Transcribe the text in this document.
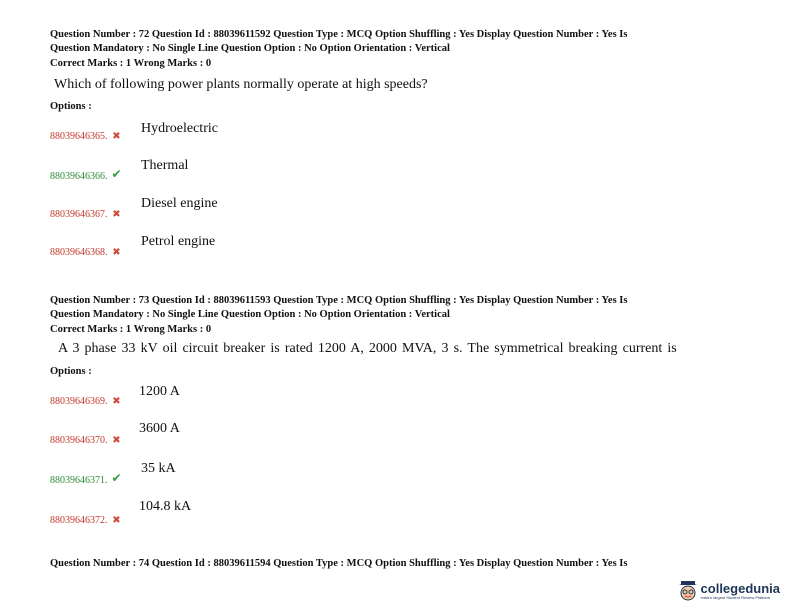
Question Number : 72 Question Id : 88039611592 Question Type : MCQ Option Shuffling : Yes Display Question Number : Yes Is
Question Mandatory : No Single Line Question Option : No Option Orientation : Vertical
Correct Marks : 1 Wrong Marks : 0
Which of following power plants normally operate at high speeds?
Options :
88039646365. ✖
Hydroelectric
88039646366. ✔
Thermal
88039646367. ✖
Diesel engine
88039646368. ✖
Petrol engine
Question Number : 73 Question Id : 88039611593 Question Type : MCQ Option Shuffling : Yes Display Question Number : Yes Is
Question Mandatory : No Single Line Question Option : No Option Orientation : Vertical
Correct Marks : 1 Wrong Marks : 0
A 3 phase 33 kV oil circuit breaker is rated 1200 A, 2000 MVA, 3 s. The symmetrical breaking current is
Options :
88039646369. ✖
1200 A
88039646370. ✖
3600 A
88039646371. ✔
35 kA
88039646372. ✖
104.8 kA
Question Number : 74 Question Id : 88039611594 Question Type : MCQ Option Shuffling : Yes Display Question Number : Yes Is
collegedunia
India's largest Student Review Platform
